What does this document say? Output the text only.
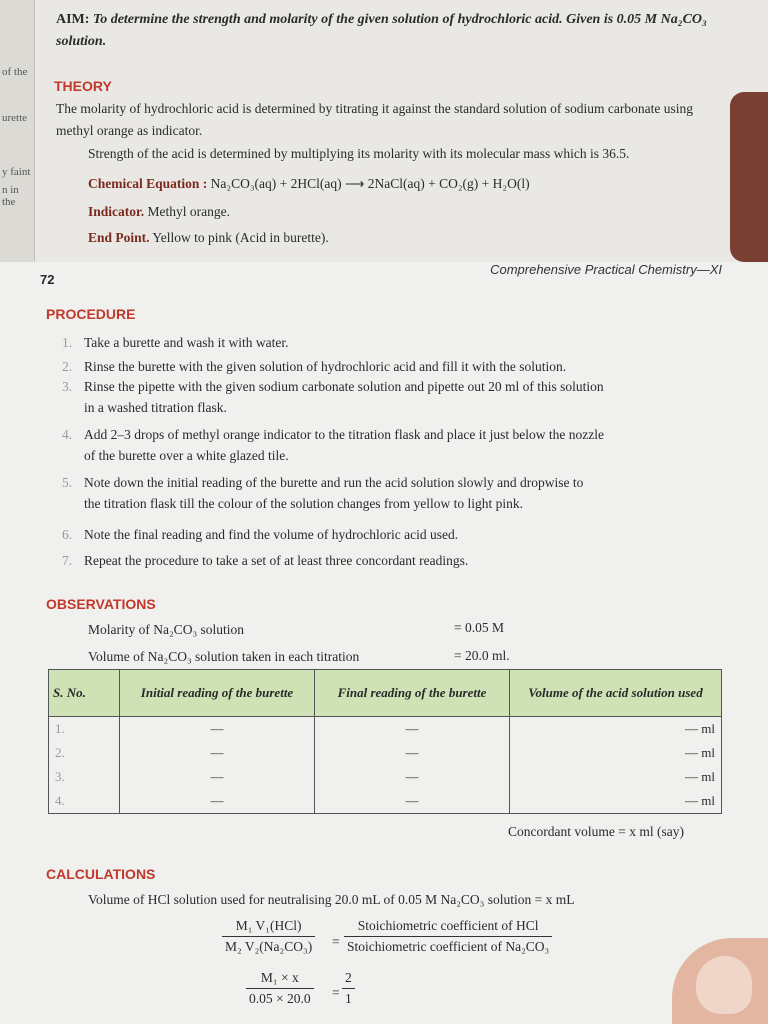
of the
urette
y faint
n in the
AIM: To determine the strength and molarity of the given solution of hydrochloric acid. Given is 0.05 M Na₂CO₃ solution.
THEORY
The molarity of hydrochloric acid is determined by titrating it against the standard solution of sodium carbonate using methyl orange as indicator.
Strength of the acid is determined by multiplying its molarity with its molecular mass which is 36.5.
Chemical Equation : Na₂CO₃(aq) + 2HCl(aq) ⟶ 2NaCl(aq) + CO₂(g) + H₂O(l)
Indicator. Methyl orange.
End Point. Yellow to pink (Acid in burette).
72
Comprehensive Practical Chemistry—XI
PROCEDURE
1. Take a burette and wash it with water.
2. Rinse the burette with the given solution of hydrochloric acid and fill it with the solution.
3. Rinse the pipette with the given sodium carbonate solution and pipette out 20 ml of this solution
in a washed titration flask.
4. Add 2–3 drops of methyl orange indicator to the titration flask and place it just below the nozzle
of the burette over a white glazed tile.
5. Note down the initial reading of the burette and run the acid solution slowly and dropwise to
the titration flask till the colour of the solution changes from yellow to light pink.
6. Note the final reading and find the volume of hydrochloric acid used.
7. Repeat the procedure to take a set of at least three concordant readings.
OBSERVATIONS
Molarity of Na₂CO₃ solution	= 0.05 M
Volume of Na₂CO₃ solution taken in each titration	= 20.0 ml.
S. No.	Initial reading of the burette	Final reading of the burette	Volume of the acid solution used
1.	—	—	— ml
2.	—	—	— ml
3.	—	—	— ml
4.	—	—	— ml
Concordant volume = x ml (say)
CALCULATIONS
Volume of HCl solution used for neutralising 20.0 mL of 0.05 M Na₂CO₃ solution = x mL
M₁ V₁(HCl)
M₂ V₂(Na₂CO₃) =
Stoichiometric coefficient of HCl
Stoichiometric coefficient of Na₂CO₃
$\frac{\text{M₁ × x}}{0.05 \times 20.0} = \frac{2}{1}$
